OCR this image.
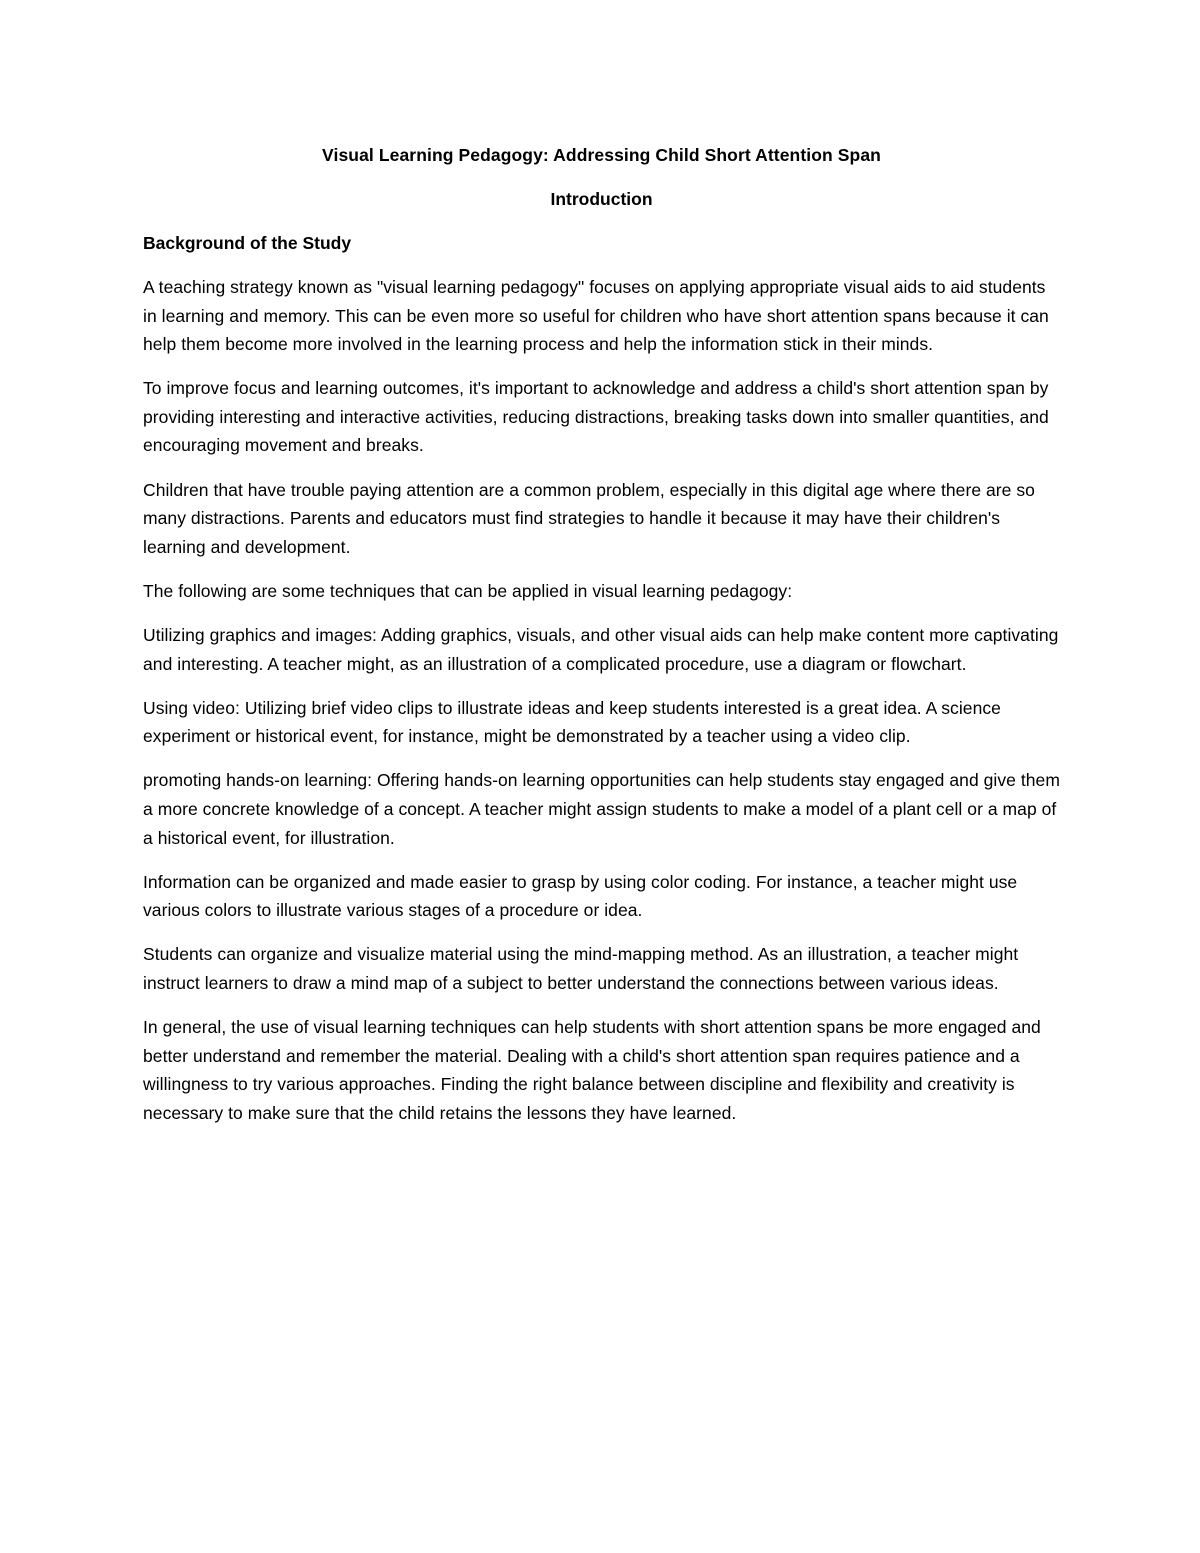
Visual Learning Pedagogy: Addressing Child Short Attention Span
Introduction
Background of the Study

A teaching strategy known as "visual learning pedagogy" focuses on applying appropriate visual aids to aid students in learning and memory. This can be even more so useful for children who have short attention spans because it can help them become more involved in the learning process and help the information stick in their minds.

To improve focus and learning outcomes, it's important to acknowledge and address a child's short attention span by providing interesting and interactive activities, reducing distractions, breaking tasks down into smaller quantities, and encouraging movement and breaks.

Children that have trouble paying attention are a common problem, especially in this digital age where there are so many distractions. Parents and educators must find strategies to handle it because it may have their children's learning and development.

The following are some techniques that can be applied in visual learning pedagogy:

Utilizing graphics and images: Adding graphics, visuals, and other visual aids can help make content more captivating and interesting. A teacher might, as an illustration of a complicated procedure, use a diagram or flowchart.

Using video: Utilizing brief video clips to illustrate ideas and keep students interested is a great idea. A science experiment or historical event, for instance, might be demonstrated by a teacher using a video clip.

promoting hands-on learning: Offering hands-on learning opportunities can help students stay engaged and give them a more concrete knowledge of a concept. A teacher might assign students to make a model of a plant cell or a map of a historical event, for illustration.

Information can be organized and made easier to grasp by using color coding. For instance, a teacher might use various colors to illustrate various stages of a procedure or idea.

Students can organize and visualize material using the mind-mapping method. As an illustration, a teacher might instruct learners to draw a mind map of a subject to better understand the connections between various ideas.

In general, the use of visual learning techniques can help students with short attention spans be more engaged and better understand and remember the material. Dealing with a child's short attention span requires patience and a willingness to try various approaches. Finding the right balance between discipline and flexibility and creativity is necessary to make sure that the child retains the lessons they have learned.
